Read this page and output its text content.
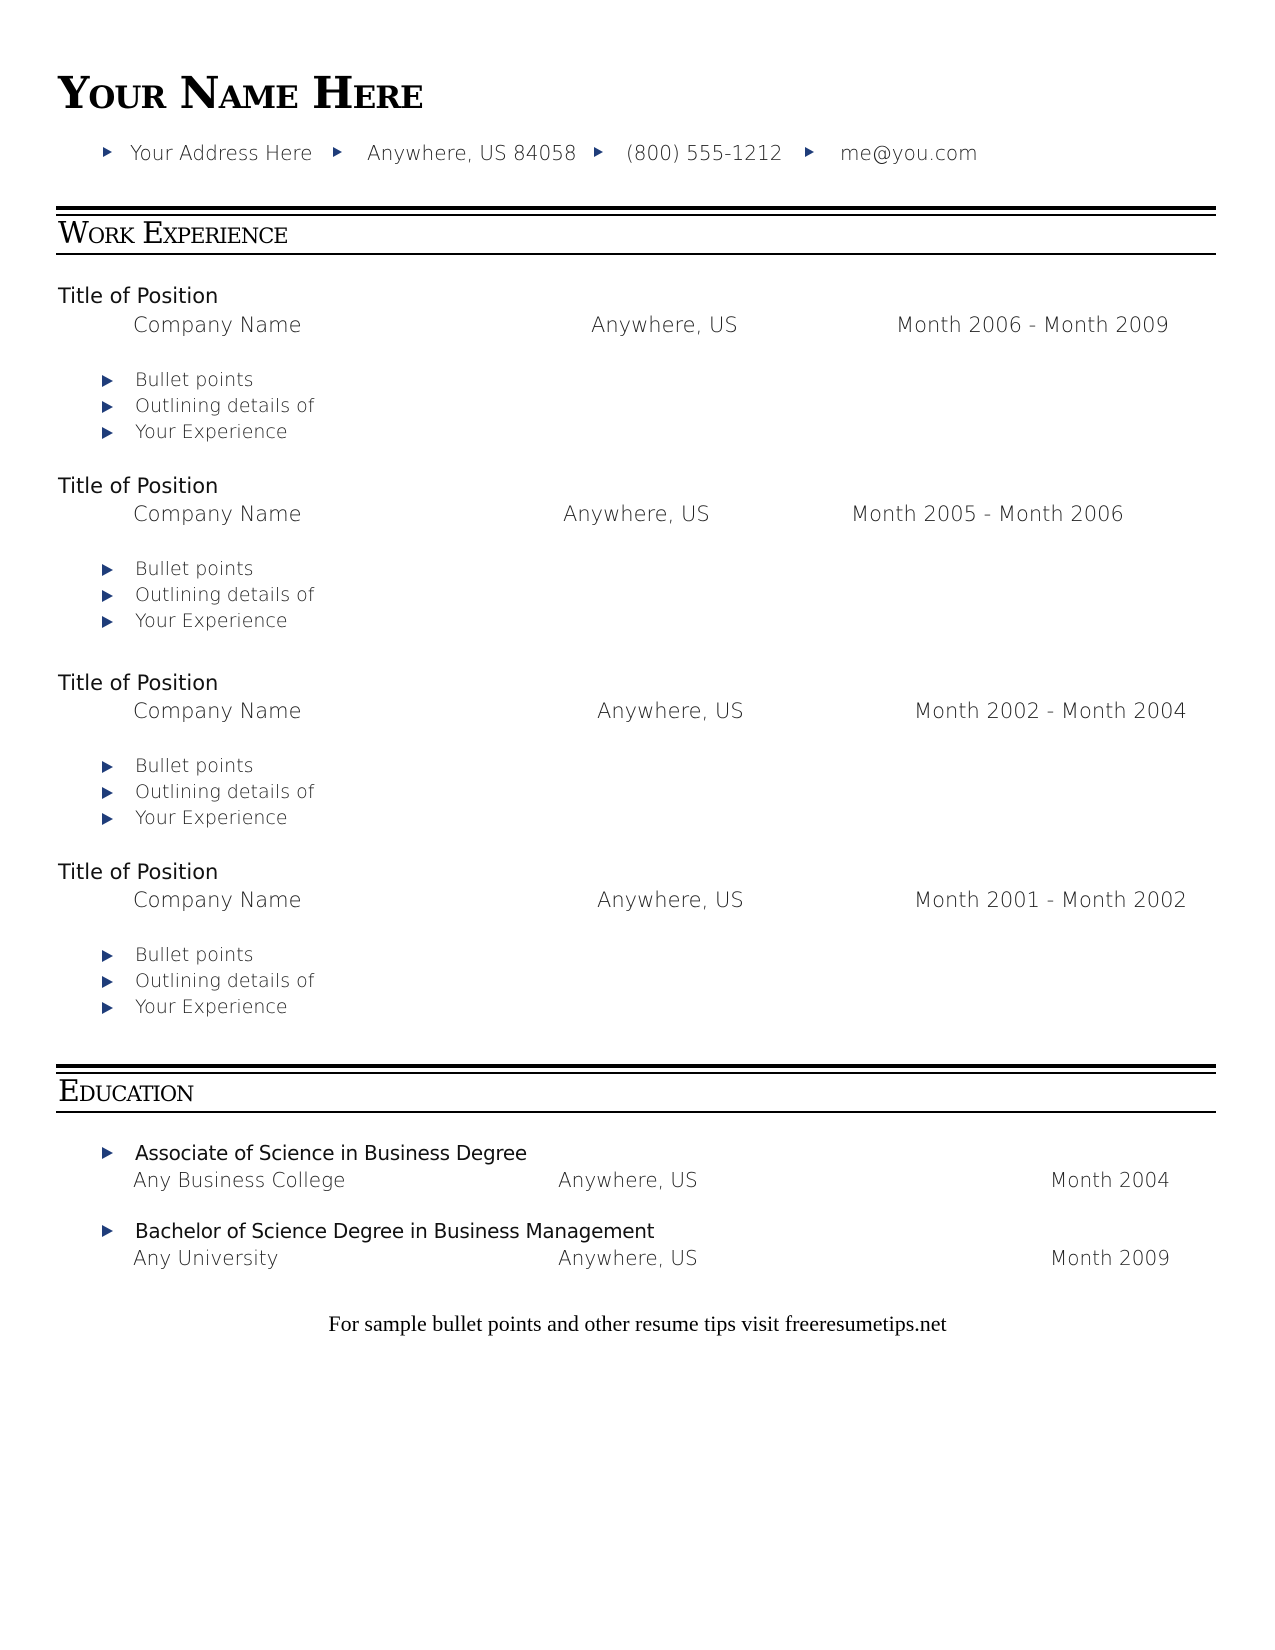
Your Name Here
Your Address Here	Anywhere, US 84058 (800) 555-1212	me@you.com
Work Experience
Title of Position
Company Name	Anywhere, US	Month 2006 - Month 2009
Bullet points
Outlining details of
Your Experience
Title of Position
Company Name	Anywhere, US	Month 2005 - Month 2006
Bullet points
Outlining details of
Your Experience
Title of Position
Company Name	Anywhere, US	Month 2002 - Month 2004
Bullet points
Outlining details of
Your Experience
Title of Position
Company Name	Anywhere, US	Month 2001 - Month 2002
Bullet points
Outlining details of
Your Experience
Education
Associate of Science in Business Degree
Any Business College	Anywhere, US	Month 2004
Bachelor of Science Degree in Business Management
Any University	Anywhere, US	Month 2009
For sample bullet points and other resume tips visit freeresumetips.net
